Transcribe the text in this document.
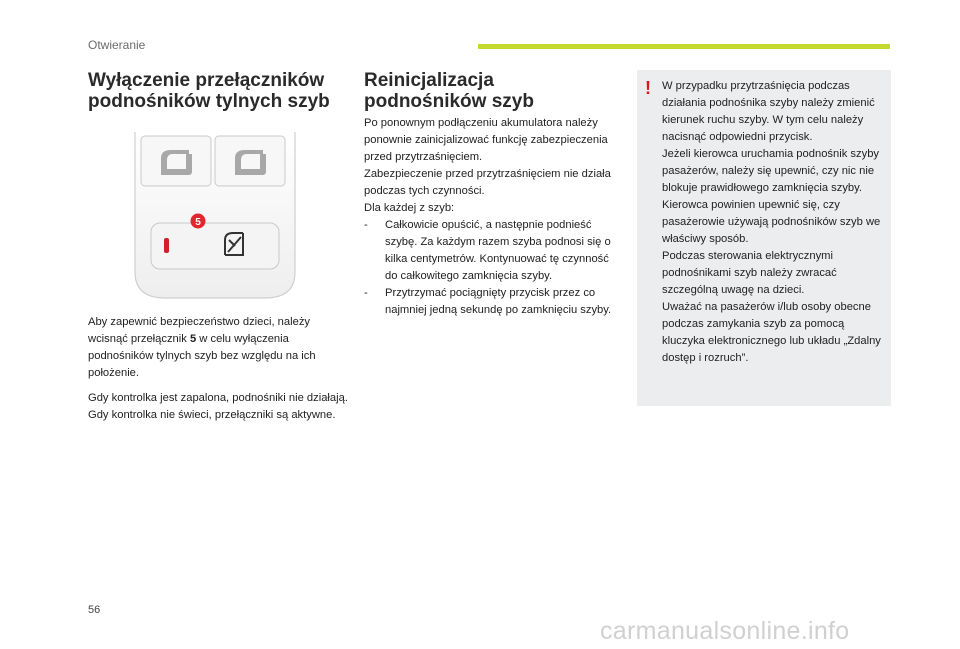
Otwieranie
Wyłączenie przełączników podnośników tylnych szyb
5
Aby zapewnić bezpieczeństwo dzieci, należy wcisnąć przełącznik 5 w celu wyłączenia podnośników tylnych szyb bez względu na ich położenie.
Gdy kontrolka jest zapalona, podnośniki nie działają. Gdy kontrolka nie świeci, przełączniki są aktywne.
Reinicjalizacja podnośników szyb
Po ponownym podłączeniu akumulatora należy ponownie zainicjalizować funkcję zabezpieczenia przed przytrzaśnięciem.
Zabezpieczenie przed przytrzaśnięciem nie działa podczas tych czynności.
Dla każdej z szyb:
- Całkowicie opuścić, a następnie podnieść szybę. Za każdym razem szyba podnosi się o kilka centymetrów. Kontynuować tę czynność do całkowitego zamknięcia szyby.
- Przytrzymać pociągnięty przycisk przez co najmniej jedną sekundę po zamknięciu szyby.
! W przypadku przytrzaśnięcia podczas działania podnośnika szyby należy zmienić kierunek ruchu szyby. W tym celu należy nacisnąć odpowiedni przycisk.
Jeżeli kierowca uruchamia podnośnik szyby pasażerów, należy się upewnić, czy nic nie blokuje prawidłowego zamknięcia szyby.
Kierowca powinien upewnić się, czy pasażerowie używają podnośników szyb we właściwy sposób.
Podczas sterowania elektrycznymi podnośnikami szyb należy zwracać szczególną uwagę na dzieci.
Uważać na pasażerów i/lub osoby obecne podczas zamykania szyb za pomocą kluczyka elektronicznego lub układu „Zdalny dostęp i rozruch”.
56
carmanualsonline.info
